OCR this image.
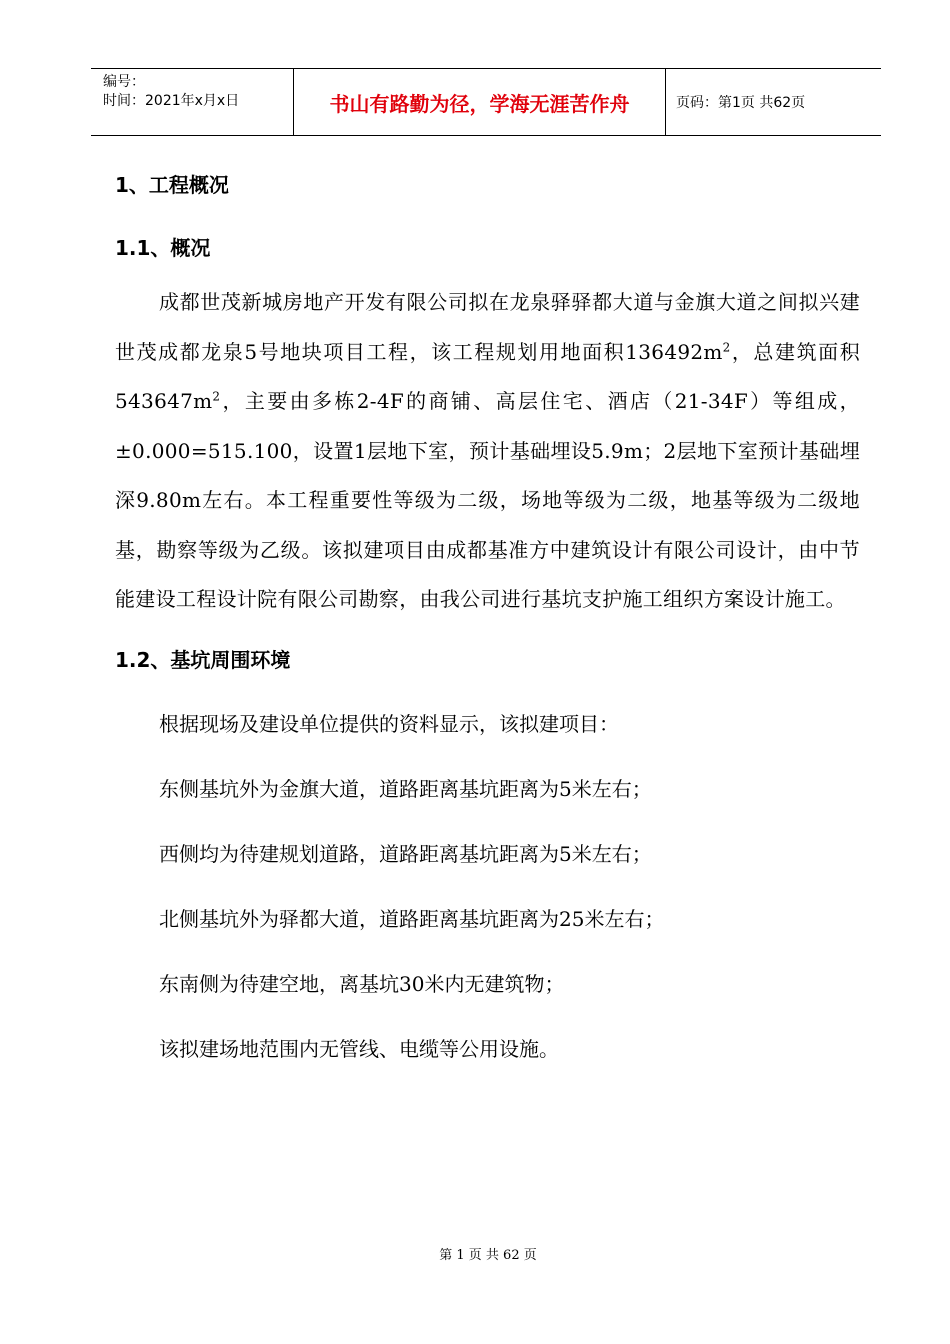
编号：
时间：2021年x月x日	书山有路勤为径，学海无涯苦作舟	页码：第1页 共62页
1、工程概况
1.1、概况

成都世茂新城房地产开发有限公司拟在龙泉驿驿都大道与金旗大道之间拟兴建世茂成都龙泉5号地块项目工程，该工程规划用地面积$136492m^2$，总建筑面积$543647m^2$，主要由多栋2-4F的商铺、高层住宅、酒店（21-34F）等组成，±0.000=515.100，设置1层地下室，预计基础埋设5.9m；2层地下室预计基础埋深9.80m左右。本工程重要性等级为二级，场地等级为二级，地基等级为二级地基，勘察等级为乙级。该拟建项目由成都基准方中建筑设计有限公司设计，由中节能建设工程设计院有限公司勘察，由我公司进行基坑支护施工组织方案设计施工。

1.2、基坑周围环境

根据现场及建设单位提供的资料显示，该拟建项目：

东侧基坑外为金旗大道，道路距离基坑距离为5米左右；

西侧均为待建规划道路，道路距离基坑距离为5米左右；

北侧基坑外为驿都大道，道路距离基坑距离为25米左右；

东南侧为待建空地，离基坑30米内无建筑物；

该拟建场地范围内无管线、电缆等公用设施。

第 1 页 共 62 页
